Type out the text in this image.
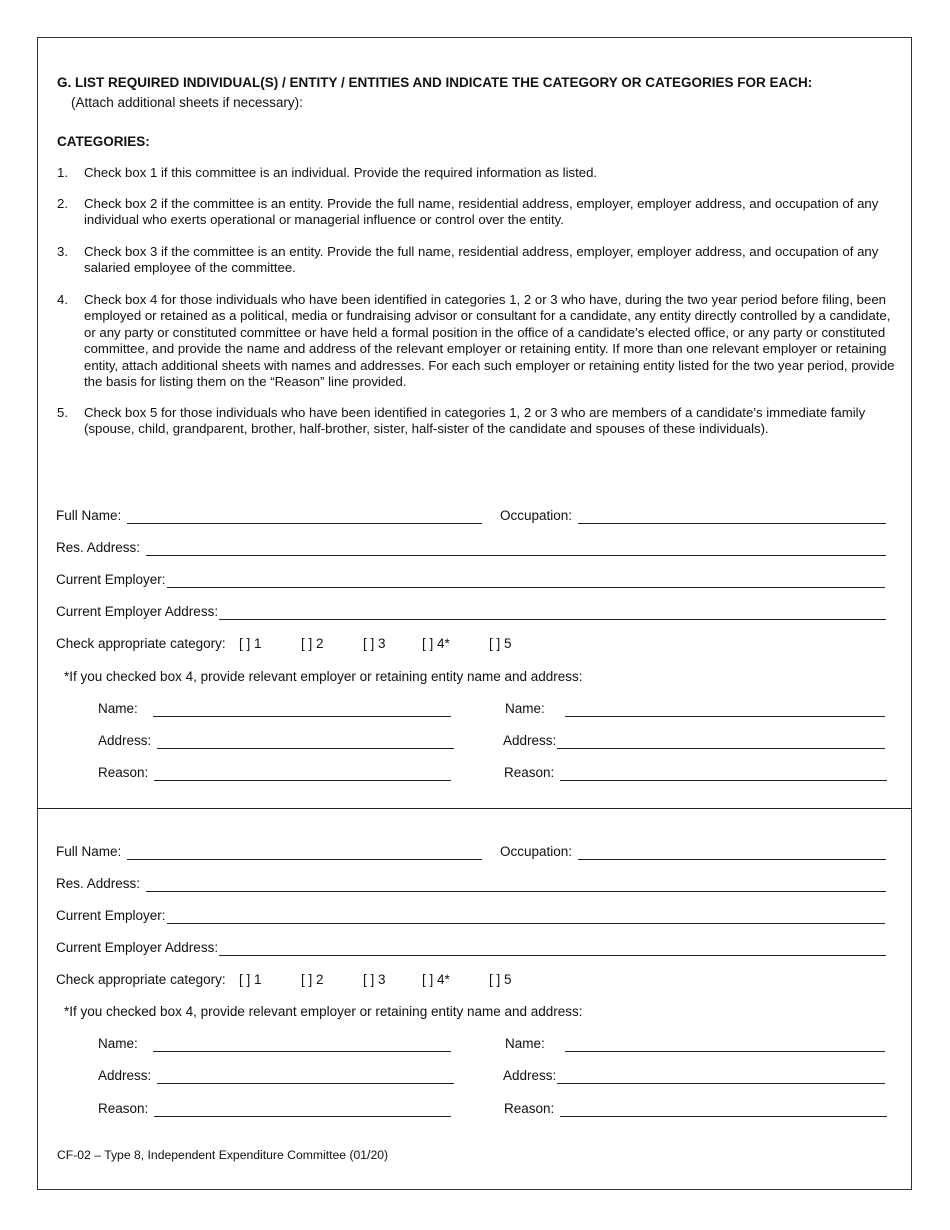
G. LIST REQUIRED INDIVIDUAL(S) / ENTITY / ENTITIES AND INDICATE THE CATEGORY OR CATEGORIES FOR EACH:
(Attach additional sheets if necessary):
CATEGORIES:
1. Check box 1 if this committee is an individual. Provide the required information as listed.
2. Check box 2 if the committee is an entity. Provide the full name, residential address, employer, employer address, and occupation of any individual who exerts operational or managerial influence or control over the entity.
3. Check box 3 if the committee is an entity. Provide the full name, residential address, employer, employer address, and occupation of any salaried employee of the committee.
4. Check box 4 for those individuals who have been identified in categories 1, 2 or 3 who have, during the two year period before filing, been employed or retained as a political, media or fundraising advisor or consultant for a candidate, any entity directly controlled by a candidate, or any party or constituted committee or have held a formal position in the office of a candidate’s elected office, or any party or constituted committee, and provide the name and address of the relevant employer or retaining entity. If more than one relevant employer or retaining entity, attach additional sheets with names and addresses. For each such employer or retaining entity listed for the two year period, provide the basis for listing them on the “Reason” line provided.
5. Check box 5 for those individuals who have been identified in categories 1, 2 or 3 who are members of a candidate’s immediate family (spouse, child, grandparent, brother, half-brother, sister, half-sister of the candidate and spouses of these individuals).
Full Name:	Occupation:
Res. Address:
Current Employer:
Current Employer Address:
Check appropriate category: [ ] 1	[ ] 2	[ ] 3	[ ] 4*	[ ] 5
*If you checked box 4, provide relevant employer or retaining entity name and address:
Name:	Name:
Address:	Address:
Reason:	Reason:
Full Name:	Occupation:
Res. Address:
Current Employer:
Current Employer Address:
Check appropriate category: [ ] 1	[ ] 2	[ ] 3	[ ] 4*	[ ] 5
*If you checked box 4, provide relevant employer or retaining entity name and address:
Name:	Name:
Address:	Address:
Reason:	Reason:
CF-02 – Type 8, Independent Expenditure Committee (01/20)
